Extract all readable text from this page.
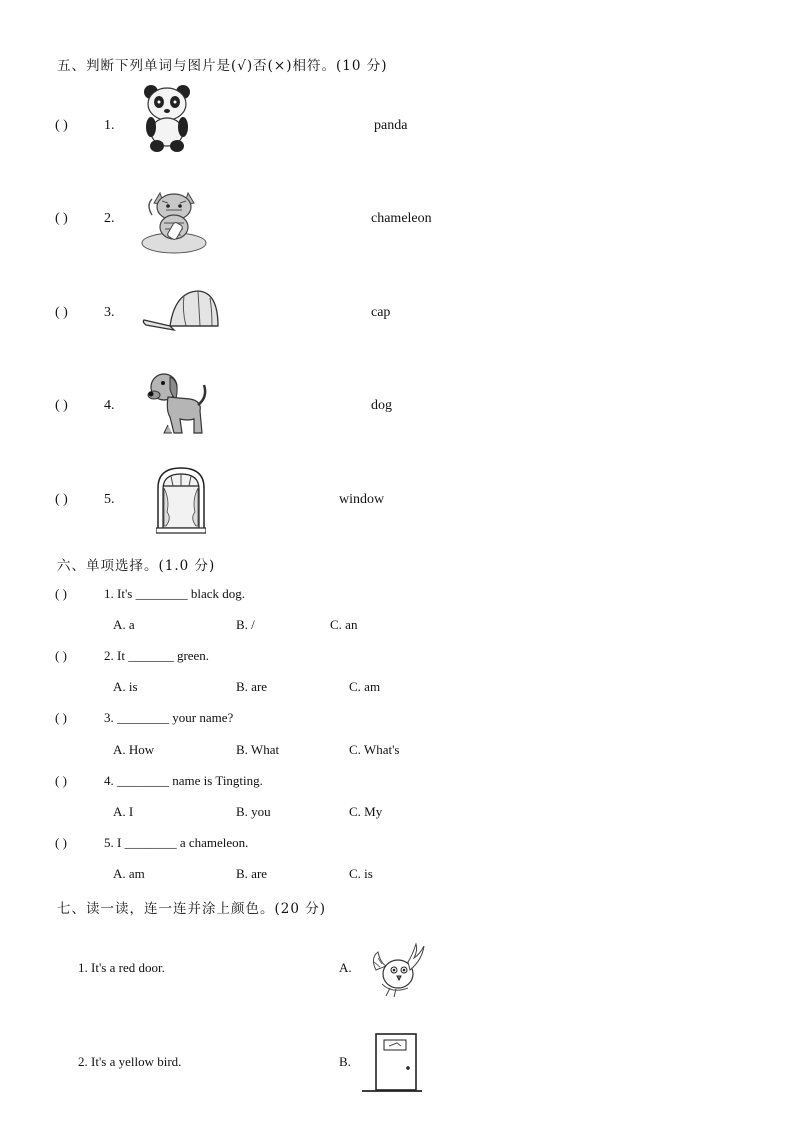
五、判断下列单词与图片是(√)否(×)相符。(10 分)
( )	1.	panda
( )	2.	chameleon
( )	3.	cap
( )	4.	dog
( )	5.	window
六、单项选择。(1.0 分)
( )	1. It's ________ black dog.
A. a	B. /	C. an
( )	2. It _______ green.
A. is	B. are	C. am
( )	3. ________ your name?
A. How	B. What	C. What's
( )	4. ________ name is Tingting.
A. I	B. you	C. My
( )	5. I ________ a chameleon.
A. am	B. are	C. is
七、读一读，连一连并涂上颜色。(20 分)
1. It's a red door.	A.
2. It's a yellow bird.	B.
